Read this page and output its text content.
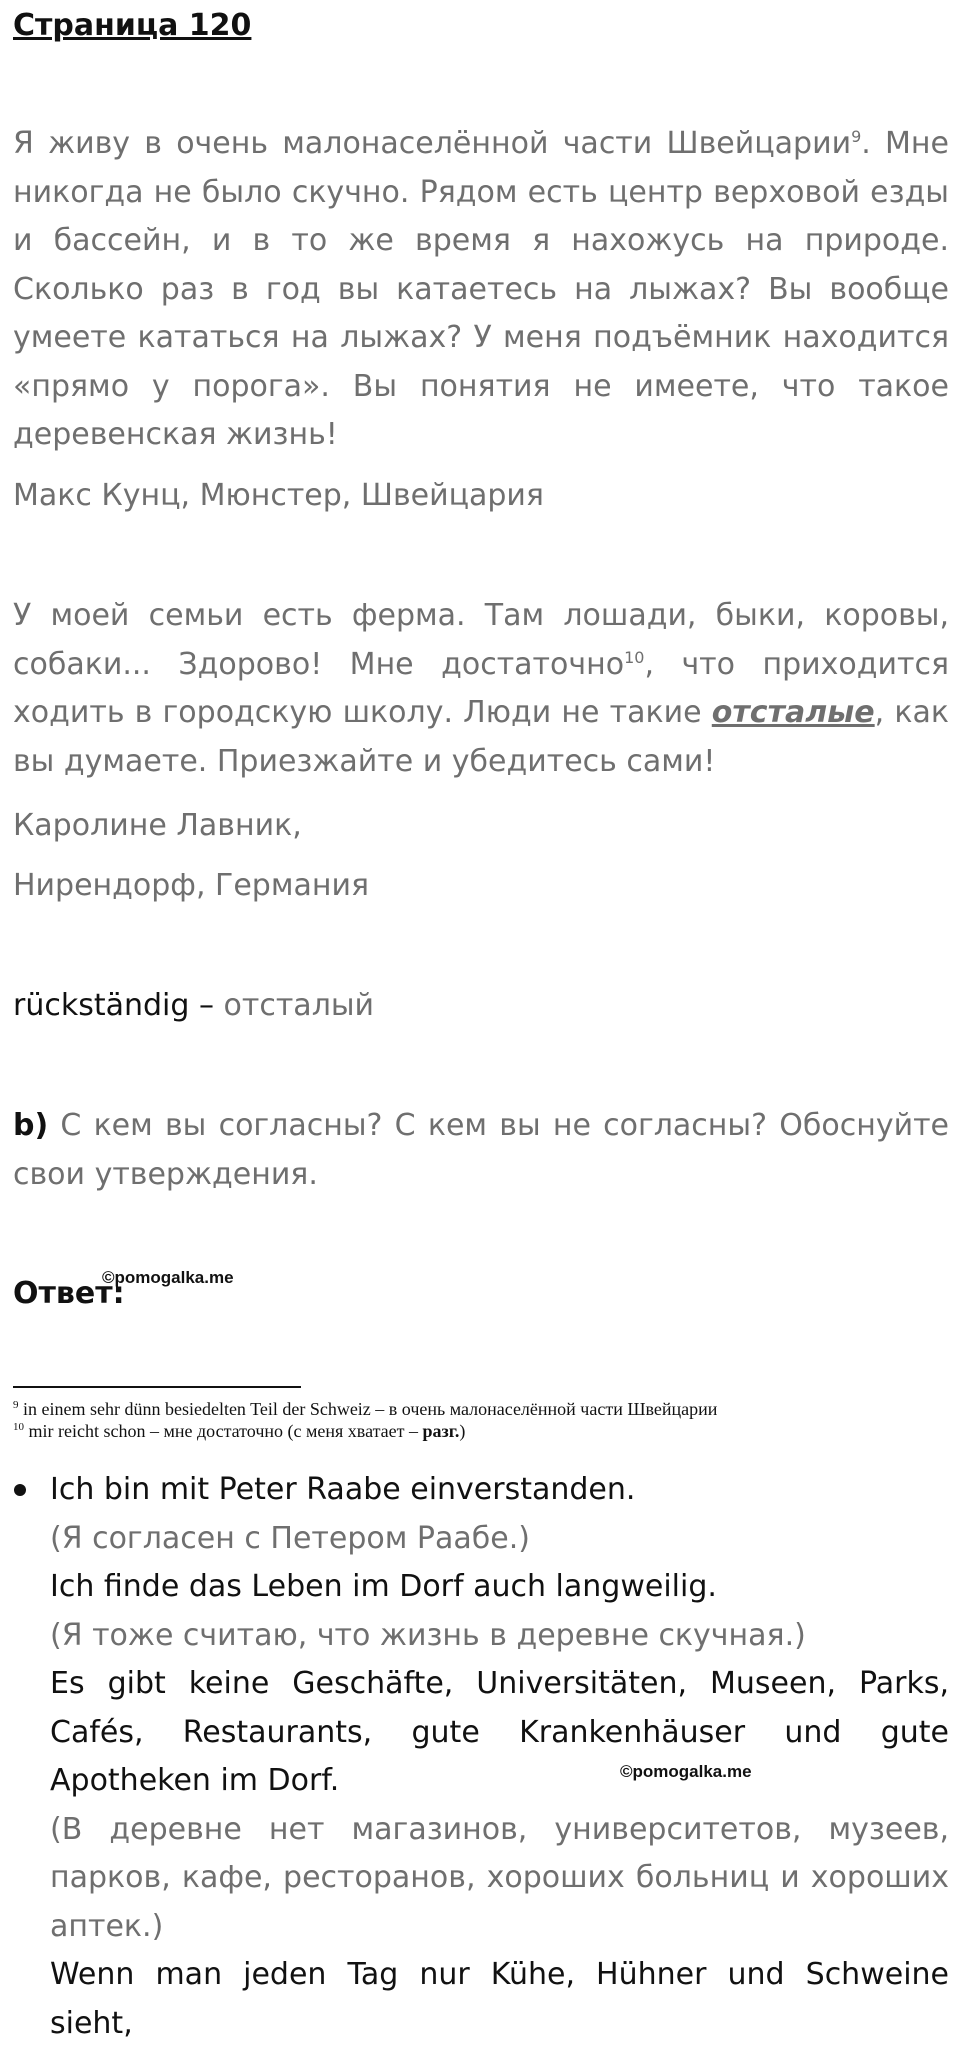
Страница 120

Я живу в очень малонаселённой части Швейцарии$^9$. Мне никогда не было скучно. Рядом есть центр верховой езды и бассейн, и в то же время я нахожусь на природе. Сколько раз в год вы катаетесь на лыжах? Вы вообще умеете кататься на лыжах? У меня подъёмник находится «прямо у порога». Вы понятия не имеете, что такое деревенская жизнь!

Макс Кунц, Мюнстер, Швейцария

У моей семьи есть ферма. Там лошади, быки, коровы, собаки... Здорово! Мне достаточно$^{10}$, что приходится ходить в городскую школу. Люди не такие отсталые, как вы думаете. Приезжайте и убедитесь сами!

Каролине Лавник,

Нирендорф, Германия

rückständig – отсталый

b) С кем вы согласны? С кем вы не согласны? Обоснуйте свои утверждения.

Ответ:
©pomogalka.me
$^9$ in einem sehr dünn besiedelten Teil der Schweiz – в очень малонаселённой части Швейцарии
$^{10}$ mir reicht schon – мне достаточно (с меня хватает – разг.)
Ich bin mit Peter Raabe einverstanden.
(Я согласен с Петером Раабе.)
Ich finde das Leben im Dorf auch langweilig.
(Я тоже считаю, что жизнь в деревне скучная.)
Es gibt keine Geschäfte, Universitäten, Museen, Parks, Cafés, Restaurants, gute Krankenhäuser und gute Apotheken im Dorf.
(В деревне нет магазинов, университетов, музеев, парков, кафе, ресторанов, хороших больниц и хороших аптек.)
Wenn man jeden Tag nur Kühe, Hühner und Schweine sieht,
©pomogalka.me
